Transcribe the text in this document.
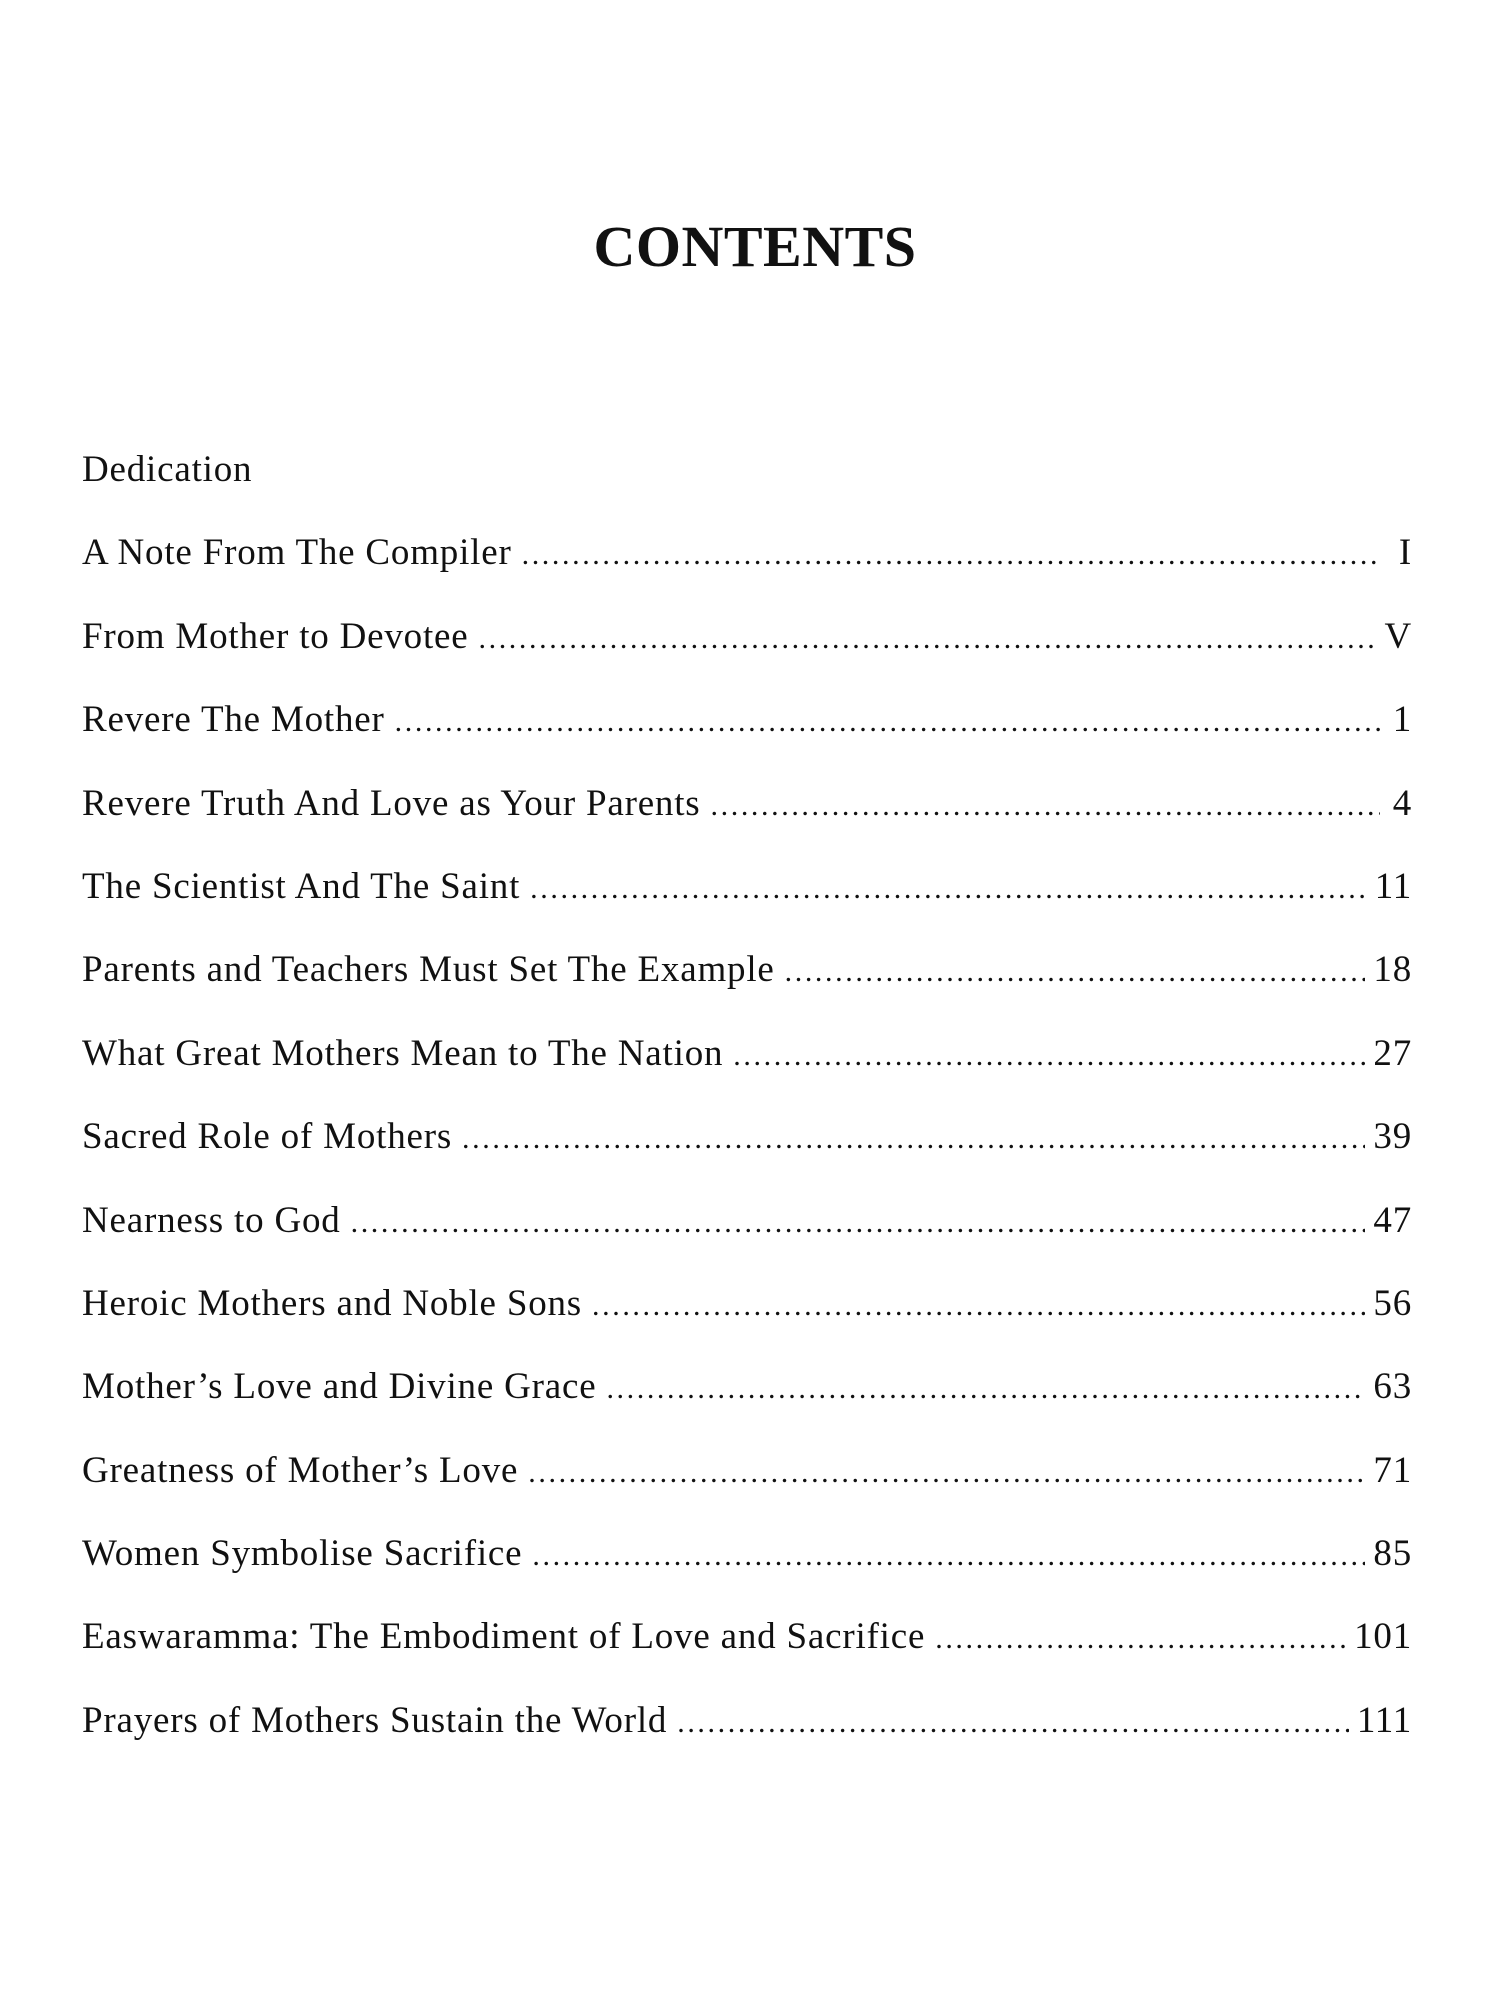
CONTENTS
Dedication
A Note From The Compiler .....	I
From Mother to Devotee .....	V
Revere The Mother .....	1
Revere Truth And Love as Your Parents .....	4
The Scientist And The Saint .....	11
Parents and Teachers Must Set The Example .....	18
What Great Mothers Mean to The Nation .....	27
Sacred Role of Mothers .....	39
Nearness to God .....	47
Heroic Mothers and Noble Sons .....	56
Mother’s Love and Divine Grace .....	63
Greatness of Mother’s Love .....	71
Women Symbolise Sacrifice .....	85
Easwaramma: The Embodiment of Love and Sacrifice .....	101
Prayers of Mothers Sustain the World .....	111
